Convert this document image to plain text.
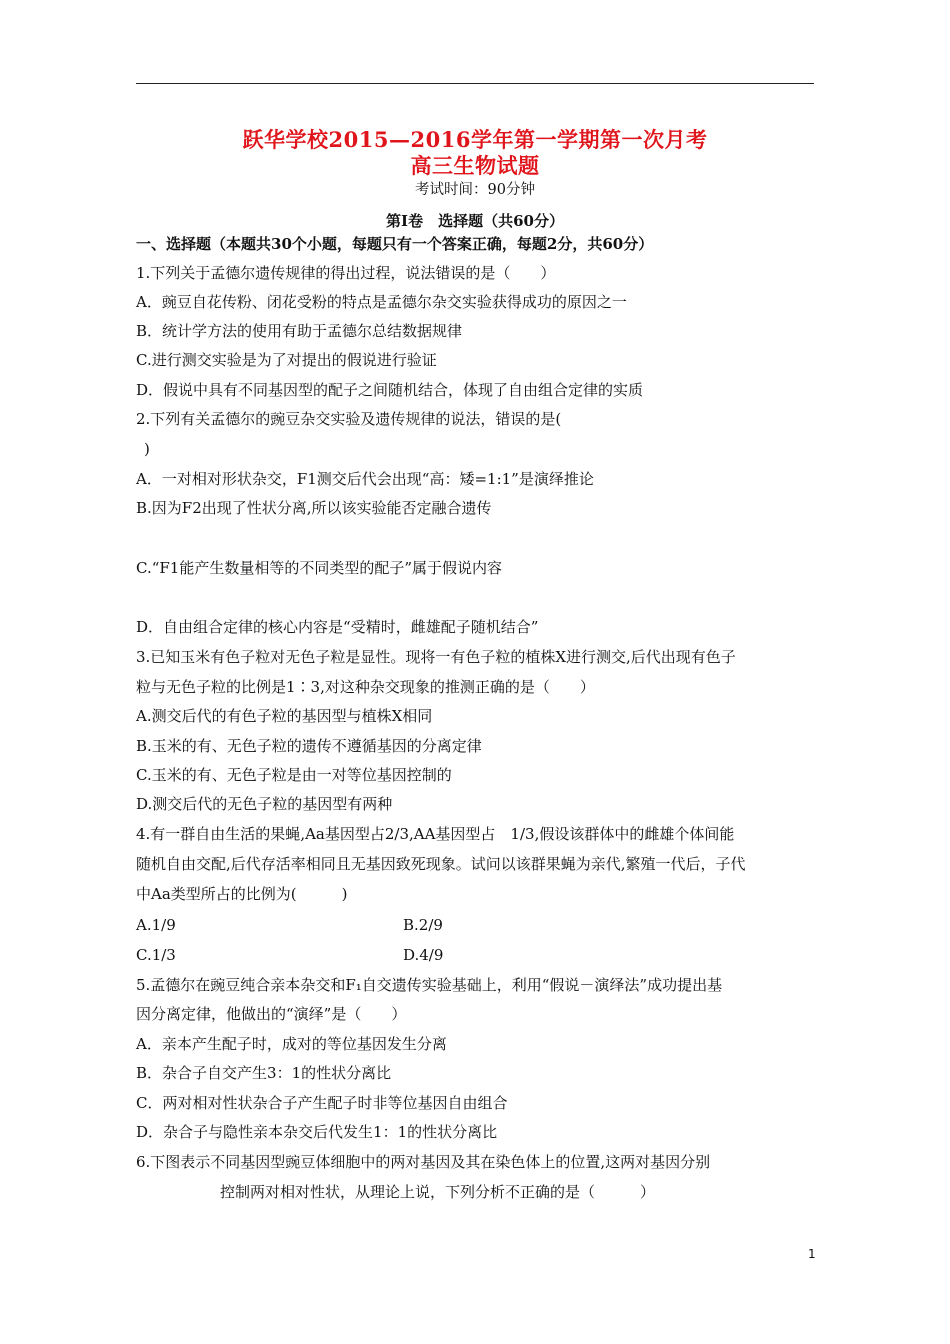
跃华学校2015—2016学年第一学期第一次月考
高三生物试题
考试时间：90分钟
第Ⅰ卷　选择题（共60分）
一、选择题（本题共30个小题，每题只有一个答案正确，每题2分，共60分）
1.下列关于孟德尔遗传规律的得出过程，说法错误的是（　　）
A．豌豆自花传粉、闭花受粉的特点是孟德尔杂交实验获得成功的原因之一
B．统计学方法的使用有助于孟德尔总结数据规律
C.进行测交实验是为了对提出的假说进行验证
D．假说中具有不同基因型的配子之间随机结合，体现了自由组合定律的实质
2.下列有关孟德尔的豌豆杂交实验及遗传规律的说法，错误的是(
)
A．一对相对形状杂交，F1测交后代会出现“高：矮=1:1”是演绎推论
B.因为F2出现了性状分离,所以该实验能否定融合遗传
C.“F1能产生数量相等的不同类型的配子”属于假说内容
D．自由组合定律的核心内容是“受精时，雌雄配子随机结合”
3.已知玉米有色子粒对无色子粒是显性。现将一有色子粒的植株X进行测交,后代出现有色子
粒与无色子粒的比例是1∶3,对这种杂交现象的推测正确的是（　　）
A.测交后代的有色子粒的基因型与植株X相同
B.玉米的有、无色子粒的遗传不遵循基因的分离定律
C.玉米的有、无色子粒是由一对等位基因控制的
D.测交后代的无色子粒的基因型有两种
4.有一群自由生活的果蝇,Aa基因型占2/3,AA基因型占　1/3,假设该群体中的雌雄个体间能
随机自由交配,后代存活率相同且无基因致死现象。试问以该群果蝇为亲代,繁殖一代后，子代
中Aa类型所占的比例为(　　　)
A.1/9	B.2/9
C.1/3	D.4/9
5.孟德尔在豌豆纯合亲本杂交和F₁自交遗传实验基础上，利用“假说－演绎法”成功提出基
因分离定律，他做出的“演绎”是（　　）
A．亲本产生配子时，成对的等位基因发生分离
B．杂合子自交产生3：1的性状分离比
C．两对相对性状杂合子产生配子时非等位基因自由组合
D．杂合子与隐性亲本杂交后代发生1：1的性状分离比
6.下图表示不同基因型豌豆体细胞中的两对基因及其在染色体上的位置,这两对基因分别
控制两对相对性状，从理论上说，下列分析不正确的是（　　　）
1
